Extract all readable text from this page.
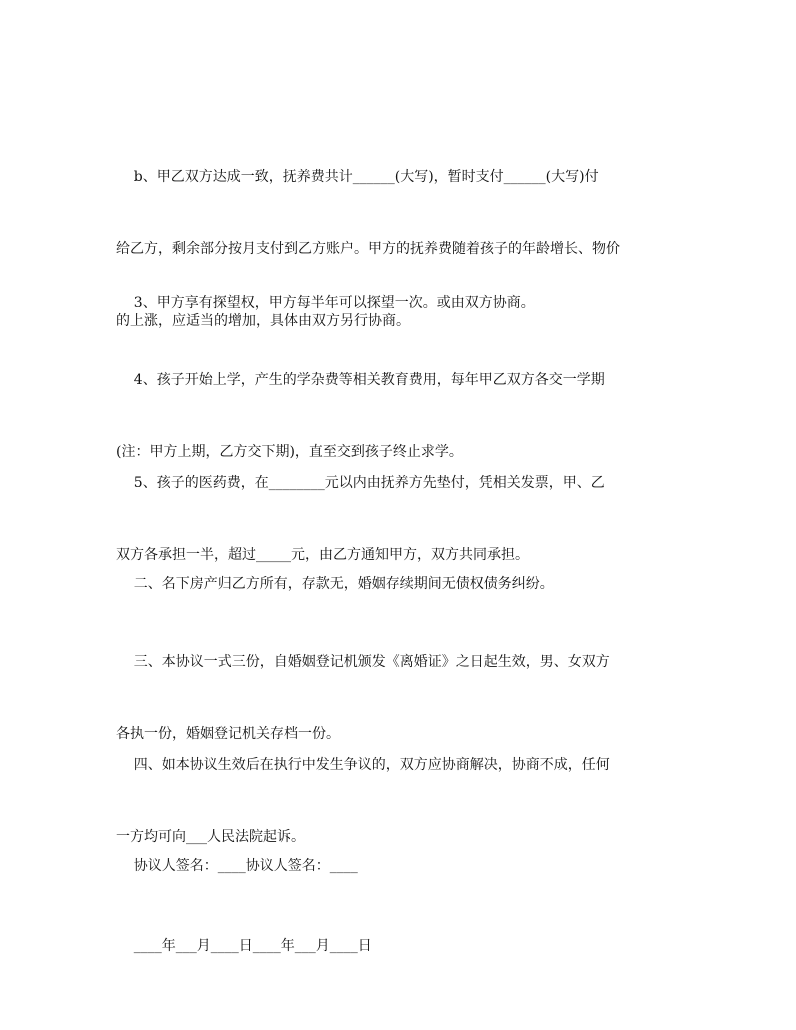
b、甲乙双方达成一致，抚养费共计______(大写)，暂时支付______(大写)付

给乙方，剩余部分按月支付到乙方账户。甲方的抚养费随着孩子的年龄增长、物价

的上涨，应适当的增加，具体由双方另行协商。

3、甲方享有探望权，甲方每半年可以探望一次。或由双方协商。

4、孩子开始上学，产生的学杂费等相关教育费用，每年甲乙双方各交一学期

(注：甲方上期，乙方交下期)，直至交到孩子终止求学。

5、孩子的医药费，在________元以内由抚养方先垫付，凭相关发票，甲、乙

双方各承担一半，超过_____元，由乙方通知甲方，双方共同承担。

二、名下房产归乙方所有，存款无，婚姻存续期间无债权债务纠纷。

三、本协议一式三份，自婚姻登记机颁发《离婚证》之日起生效，男、女双方

各执一份，婚姻登记机关存档一份。

四、如本协议生效后在执行中发生争议的，双方应协商解决，协商不成，任何

一方均可向___人民法院起诉。

协议人签名：____协议人签名：____

____年___月____日____年___月____日
